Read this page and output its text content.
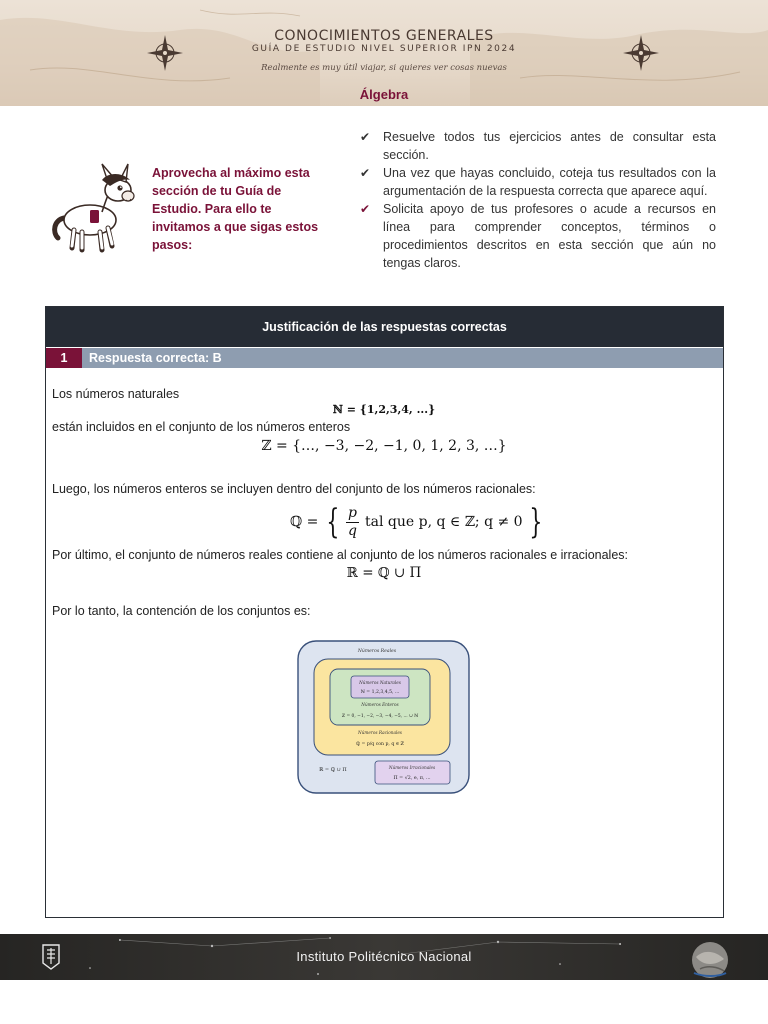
CONOCIMIENTOS GENERALES
GUÍA DE ESTUDIO NIVEL SUPERIOR IPN 2024
Realmente es muy útil viajar, si quieres ver cosas nuevas
Álgebra
Aprovecha al máximo esta sección de tu Guía de Estudio. Para ello te invitamos a que sigas estos pasos:
✔ Resuelve todos tus ejercicios antes de consultar esta sección.
✔ Una vez que hayas concluido, coteja tus resultados con la argumentación de la respuesta correcta que aparece aquí.
✔ Solicita apoyo de tus profesores o acude a recursos en línea para comprender conceptos, términos o procedimientos descritos en esta sección que aún no tengas claros.
Justificación de las respuestas correctas
1	Respuesta correcta: B
Los números naturales
ℕ = {1,2,3,4, ...}
están incluidos en el conjunto de los números enteros
ℤ = {…, −3, −2, −1, 0, 1, 2, 3, …}
Luego, los números enteros se incluyen dentro del conjunto de los números racionales:
ℚ = { $\frac{p}{q}$ tal que p, q ∈ ℤ; q ≠ 0 }
Por último, el conjunto de números reales contiene al conjunto de los números racionales e irracionales:
ℝ = ℚ ∪ Π
Por lo tanto, la contención de los conjuntos es:
Números Reales
Números Naturales
ℕ = 1,2,3,4,5, ...
Números Enteros
ℤ = 0, −1, −2, −3, −4, −5, ... ∪ ℕ
Números Racionales
ℚ = p/q con p, q ∈ ℤ
ℝ = ℚ ∪ Π	Números Irracionales
Π = √2, e, π, ...
Instituto Politécnico Nacional
